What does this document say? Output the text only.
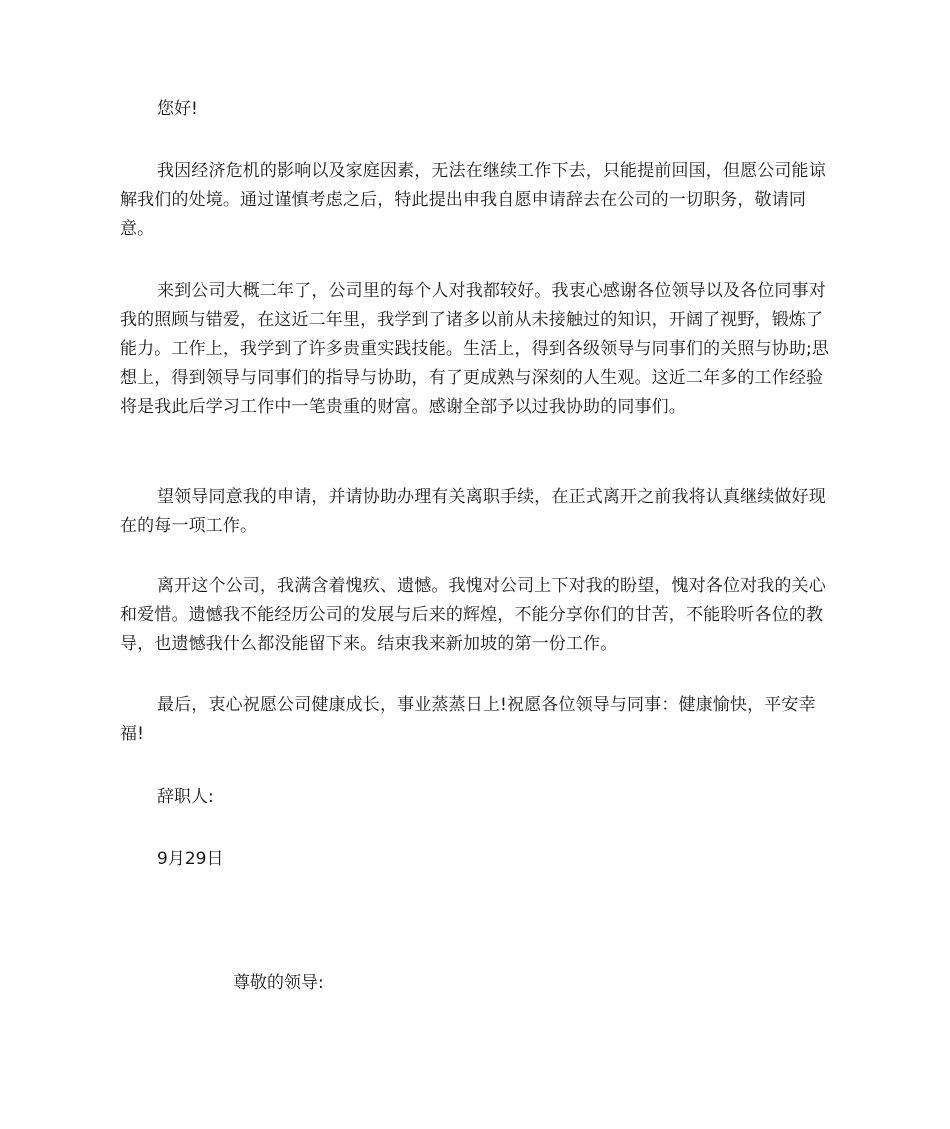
您好!

我因经济危机的影响以及家庭因素，无法在继续工作下去，只能提前回国，但愿公司能谅解我们的处境。通过谨慎考虑之后，特此提出申我自愿申请辞去在公司的一切职务，敬请同意。

来到公司大概二年了，公司里的每个人对我都较好。我衷心感谢各位领导以及各位同事对我的照顾与错爱，在这近二年里，我学到了诸多以前从未接触过的知识，开阔了视野，锻炼了能力。工作上，我学到了许多贵重实践技能。生活上，得到各级领导与同事们的关照与协助;思想上，得到领导与同事们的指导与协助，有了更成熟与深刻的人生观。这近二年多的工作经验将是我此后学习工作中一笔贵重的财富。感谢全部予以过我协助的同事们。

望领导同意我的申请，并请协助办理有关离职手续，在正式离开之前我将认真继续做好现在的每一项工作。

离开这个公司，我满含着愧疚、遗憾。我愧对公司上下对我的盼望，愧对各位对我的关心和爱惜。遗憾我不能经历公司的发展与后来的辉煌，不能分享你们的甘苦，不能聆听各位的教导，也遗憾我什么都没能留下来。结束我来新加坡的第一份工作。

最后，衷心祝愿公司健康成长，事业蒸蒸日上!祝愿各位领导与同事：健康愉快，平安幸福!

辞职人:

9月29日

尊敬的领导:
